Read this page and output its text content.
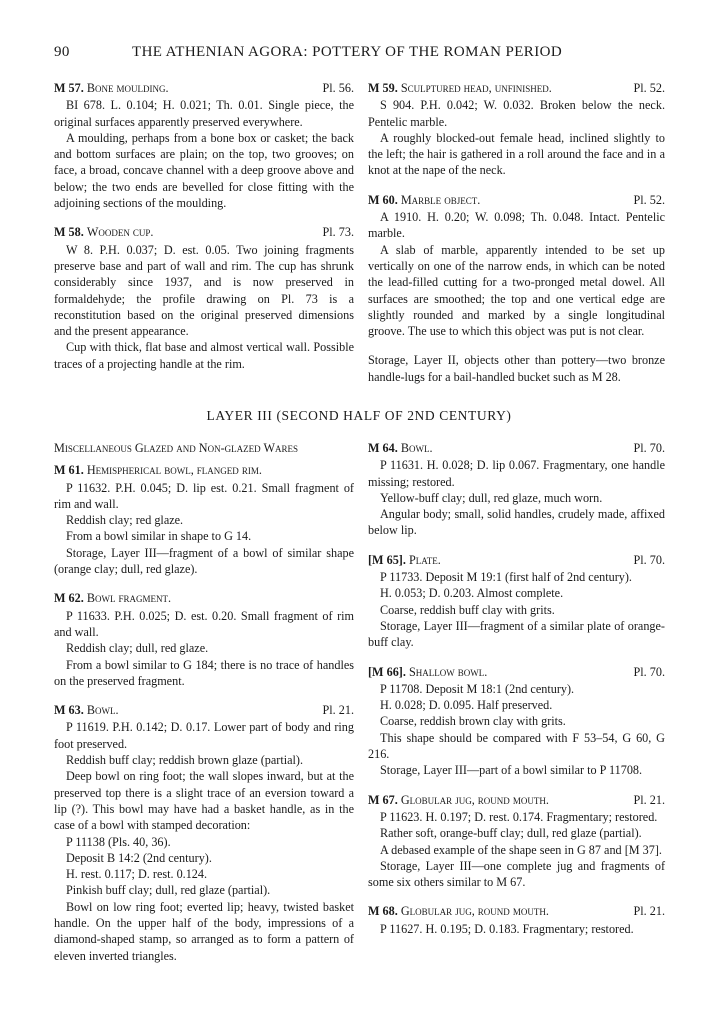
90	THE ATHENIAN AGORA: POTTERY OF THE ROMAN PERIOD
M 57. Bone moulding.	Pl. 56.

BI 678. L. 0.104; H. 0.021; Th. 0.01. Single piece, the original surfaces apparently preserved everywhere.

A moulding, perhaps from a bone box or casket; the back and bottom surfaces are plain; on the top, two grooves; on face, a broad, concave channel with a deep groove above and below; the two ends are bevelled for close fitting with the adjoining sections of the moulding.

M 58. Wooden cup.	Pl. 73.

W 8. P.H. 0.037; D. est. 0.05. Two joining fragments preserve base and part of wall and rim. The cup has shrunk considerably since 1937, and is now preserved in formaldehyde; the profile drawing on Pl. 73 is a reconstitution based on the original preserved dimensions and the present appearance.

Cup with thick, flat base and almost vertical wall. Possible traces of a projecting handle at the rim.

M 59. Sculptured head, unfinished.	Pl. 52.

S 904. P.H. 0.042; W. 0.032. Broken below the neck. Pentelic marble.

A roughly blocked-out female head, inclined slightly to the left; the hair is gathered in a roll around the face and in a knot at the nape of the neck.

M 60. Marble object.	Pl. 52.

A 1910. H. 0.20; W. 0.098; Th. 0.048. Intact. Pentelic marble.

A slab of marble, apparently intended to be set up vertically on one of the narrow ends, in which can be noted the lead-filled cutting for a two-pronged metal dowel. All surfaces are smoothed; the top and one vertical edge are slightly rounded and marked by a single longitudinal groove. The use to which this object was put is not clear.

Storage, Layer II, objects other than pottery—two bronze handle-lugs for a bail-handled bucket such as M 28.

LAYER III (SECOND HALF OF 2ND CENTURY)
Miscellaneous Glazed and Non-glazed Wares
M 61. Hemispherical bowl, flanged rim.

P 11632. P.H. 0.045; D. lip est. 0.21. Small fragment of rim and wall.

Reddish clay; red glaze.

From a bowl similar in shape to G 14.

Storage, Layer III—fragment of a bowl of similar shape (orange clay; dull, red glaze).

M 62. Bowl fragment.

P 11633. P.H. 0.025; D. est. 0.20. Small fragment of rim and wall.

Reddish clay; dull, red glaze.

From a bowl similar to G 184; there is no trace of handles on the preserved fragment.

M 63. Bowl.	Pl. 21.

P 11619. P.H. 0.142; D. 0.17. Lower part of body and ring foot preserved.

Reddish buff clay; reddish brown glaze (partial).

Deep bowl on ring foot; the wall slopes inward, but at the preserved top there is a slight trace of an eversion toward a lip (?). This bowl may have had a basket handle, as in the case of a bowl with stamped decoration:

P 11138 (Pls. 40, 36).

Deposit B 14:2 (2nd century).

H. rest. 0.117; D. rest. 0.124.

Pinkish buff clay; dull, red glaze (partial).

Bowl on low ring foot; everted lip; heavy, twisted basket handle. On the upper half of the body, impressions of a diamond-shaped stamp, so arranged as to form a pattern of eleven inverted triangles.

M 64. Bowl.	Pl. 70.

P 11631. H. 0.028; D. lip 0.067. Fragmentary, one handle missing; restored.

Yellow-buff clay; dull, red glaze, much worn.

Angular body; small, solid handles, crudely made, affixed below lip.

[M 65]. Plate.	Pl. 70.

P 11733. Deposit M 19:1 (first half of 2nd century).

H. 0.053; D. 0.203. Almost complete.

Coarse, reddish buff clay with grits.

Storage, Layer III—fragment of a similar plate of orange-buff clay.

[M 66]. Shallow bowl.	Pl. 70.

P 11708. Deposit M 18:1 (2nd century).

H. 0.028; D. 0.095. Half preserved.

Coarse, reddish brown clay with grits.

This shape should be compared with F 53–54, G 60, G 216.

Storage, Layer III—part of a bowl similar to P 11708.

M 67. Globular jug, round mouth.	Pl. 21.

P 11623. H. 0.197; D. rest. 0.174. Fragmentary; restored.

Rather soft, orange-buff clay; dull, red glaze (partial).

A debased example of the shape seen in G 87 and [M 37].

Storage, Layer III—one complete jug and fragments of some six others similar to M 67.

M 68. Globular jug, round mouth.	Pl. 21.

P 11627. H. 0.195; D. 0.183. Fragmentary; restored.
